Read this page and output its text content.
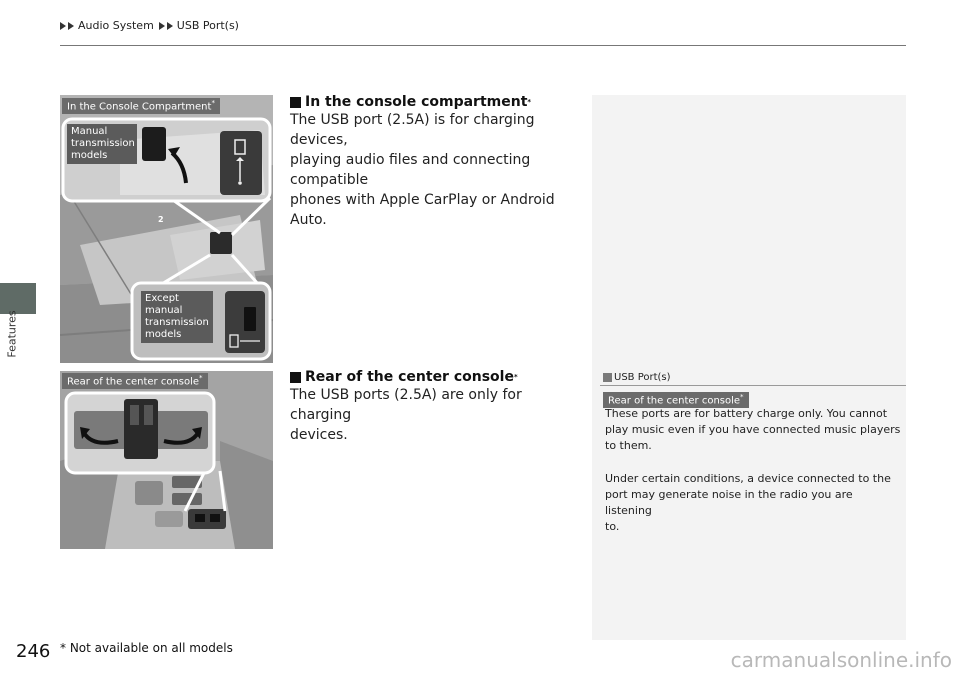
Audio System USB Port(s)
Features
2
In the Console Compartment*
Manual transmission models
Except manual transmission models
Rear of the center console*
In the console compartment *
The USB port (2.5A) is for charging devices,
playing audio files and connecting compatible
phones with Apple CarPlay or Android Auto.
Rear of the center console *
The USB ports (2.5A) are only for charging
devices.
USB Port(s)
Rear of the center console*
These ports are for battery charge only. You cannot
play music even if you have connected music players
to them.
Under certain conditions, a device connected to the
port may generate noise in the radio you are listening
to.
246 * Not available on all models	carmanualsonline.info
